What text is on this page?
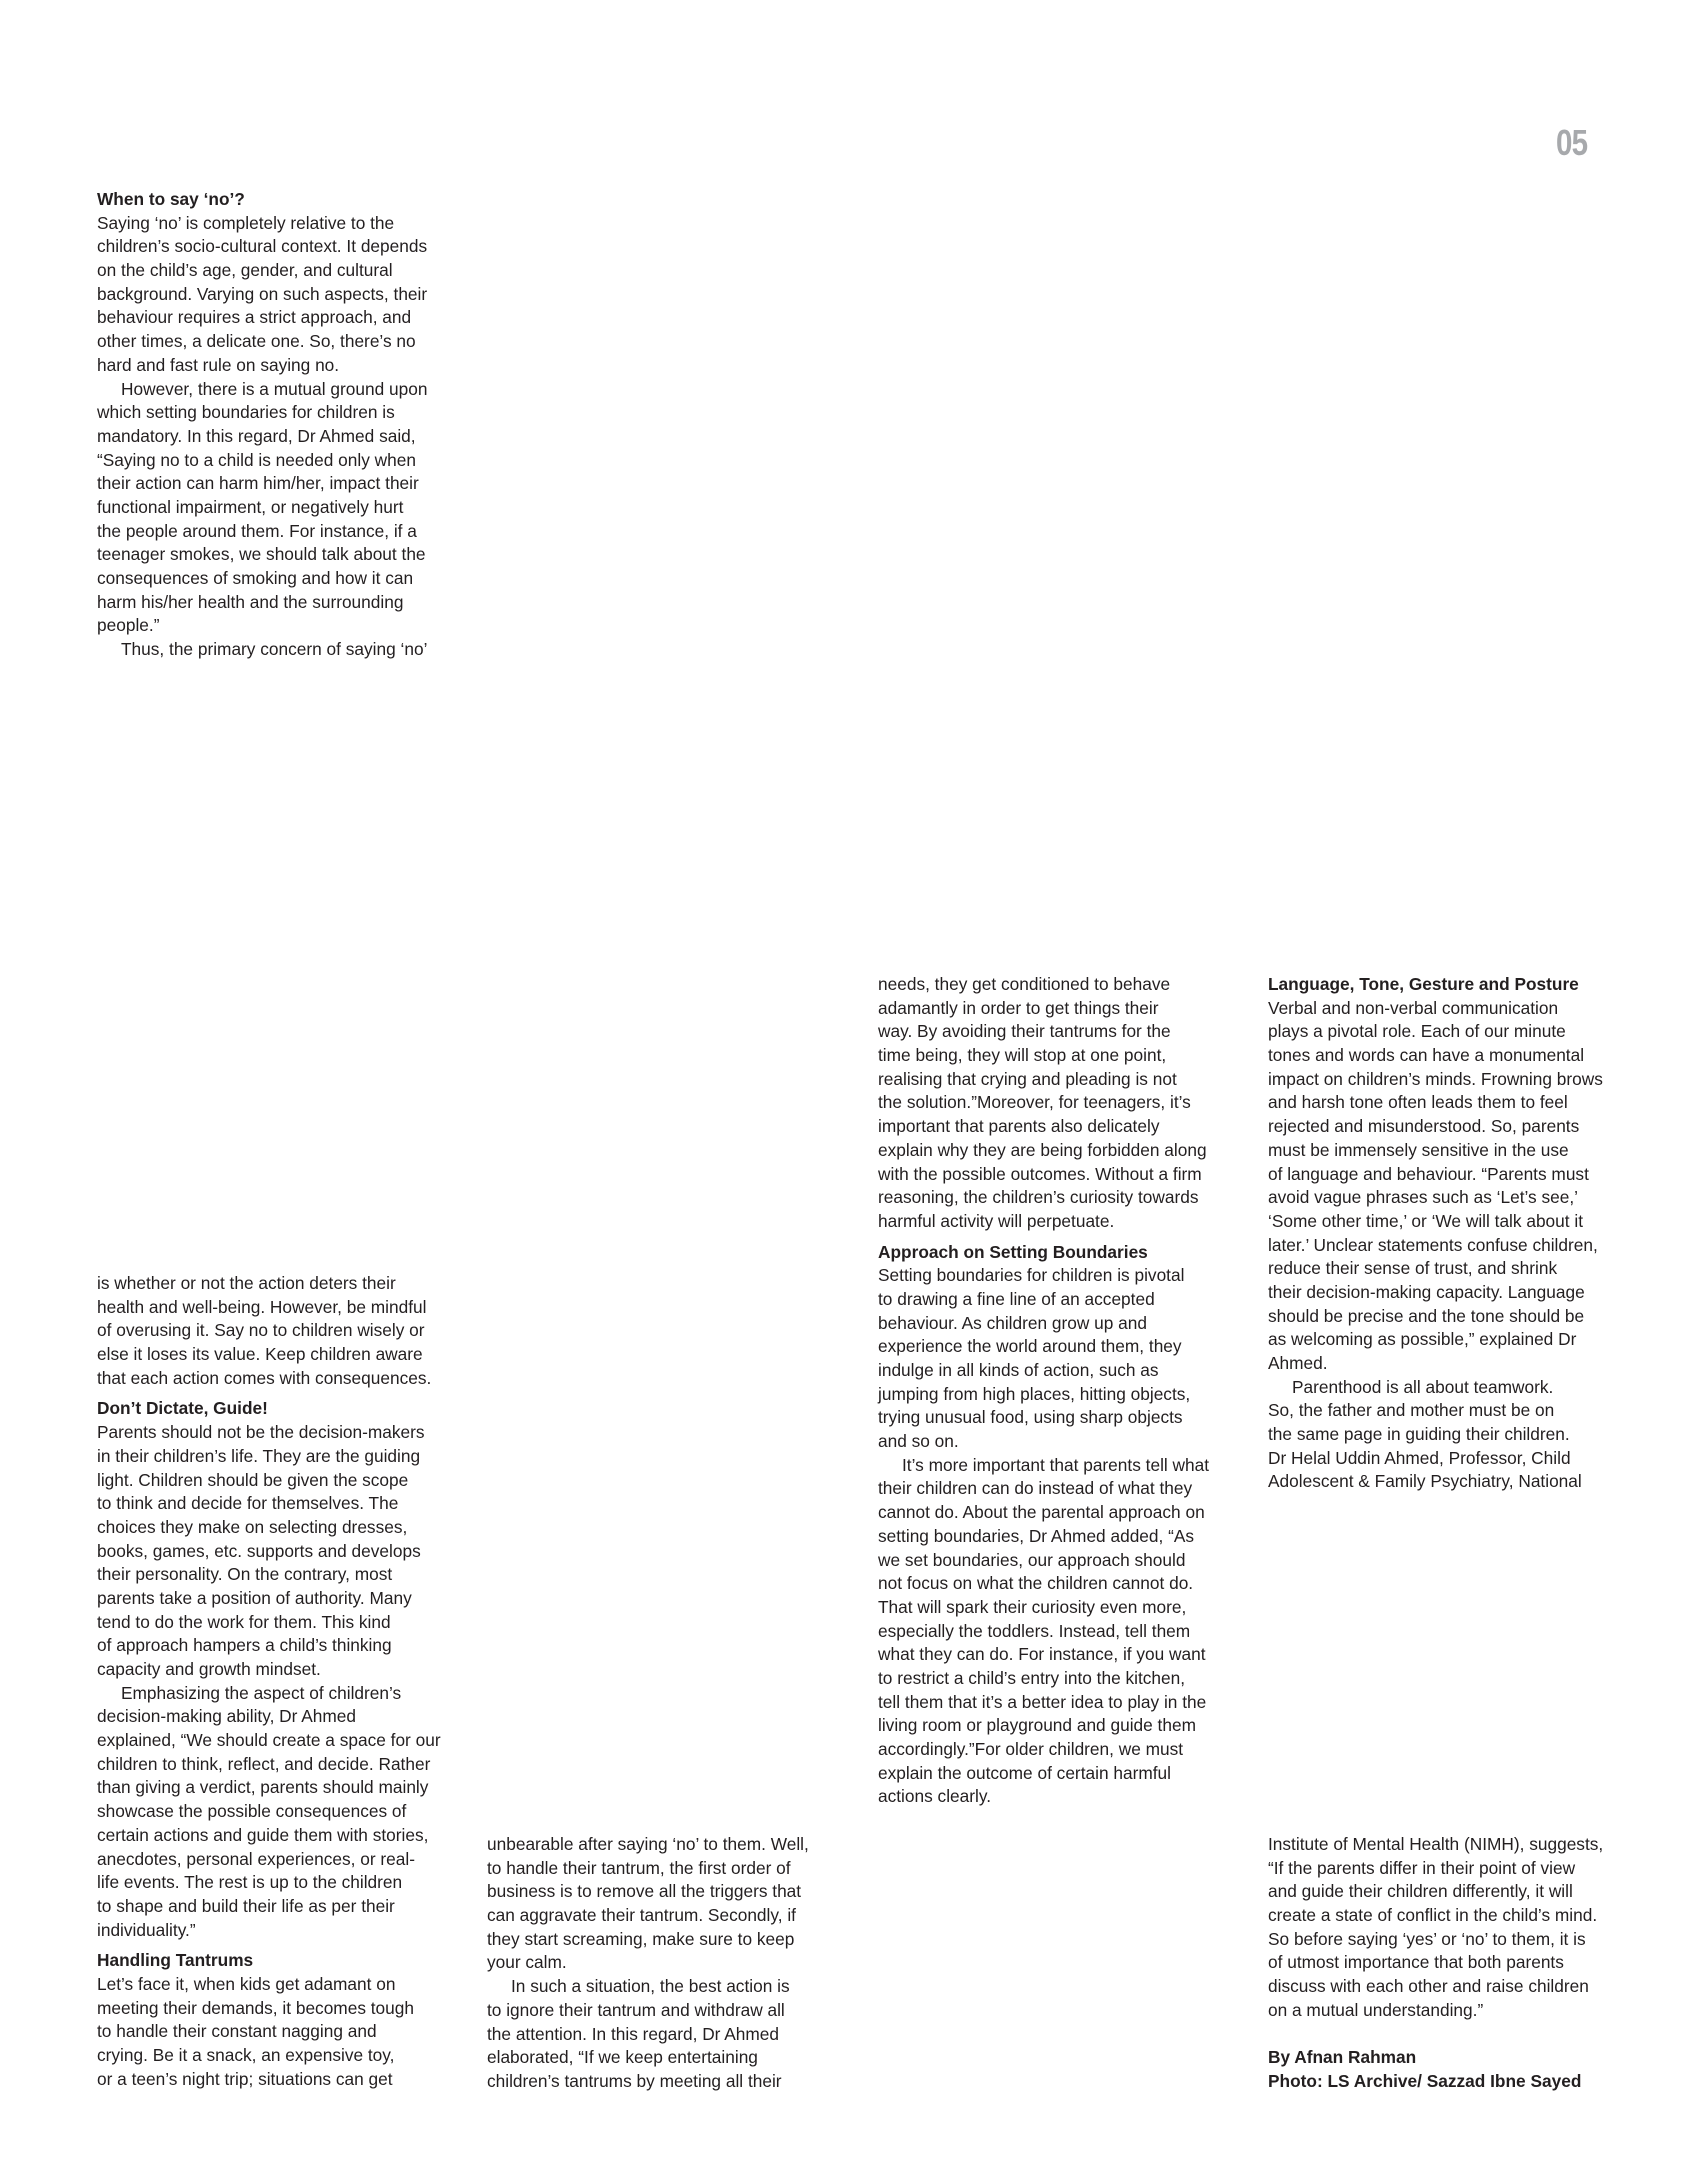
05
When to say ‘no’?
Saying ‘no’ is completely relative to the
children’s socio-cultural context. It depends
on the child’s age, gender, and cultural
background. Varying on such aspects, their
behaviour requires a strict approach, and
other times, a delicate one. So, there’s no
hard and fast rule on saying no.
However, there is a mutual ground upon
which setting boundaries for children is
mandatory. In this regard, Dr Ahmed said,
“Saying no to a child is needed only when
their action can harm him/her, impact their
functional impairment, or negatively hurt
the people around them. For instance, if a
teenager smokes, we should talk about the
consequences of smoking and how it can
harm his/her health and the surrounding
people.”
Thus, the primary concern of saying ‘no’
is whether or not the action deters their
health and well-being. However, be mindful
of overusing it. Say no to children wisely or
else it loses its value. Keep children aware
that each action comes with consequences.
Don’t Dictate, Guide!
Parents should not be the decision-makers
in their children’s life. They are the guiding
light. Children should be given the scope
to think and decide for themselves. The
choices they make on selecting dresses,
books, games, etc. supports and develops
their personality. On the contrary, most
parents take a position of authority. Many
tend to do the work for them. This kind
of approach hampers a child’s thinking
capacity and growth mindset.
Emphasizing the aspect of children’s
decision-making ability, Dr Ahmed
explained, “We should create a space for our
children to think, reflect, and decide. Rather
than giving a verdict, parents should mainly
showcase the possible consequences of
certain actions and guide them with stories,
anecdotes, personal experiences, or real-
life events. The rest is up to the children
to shape and build their life as per their
individuality.”
Handling Tantrums
Let’s face it, when kids get adamant on
meeting their demands, it becomes tough
to handle their constant nagging and
crying. Be it a snack, an expensive toy,
or a teen’s night trip; situations can get
unbearable after saying ‘no’ to them. Well,
to handle their tantrum, the first order of
business is to remove all the triggers that
can aggravate their tantrum. Secondly, if
they start screaming, make sure to keep
your calm.
In such a situation, the best action is
to ignore their tantrum and withdraw all
the attention. In this regard, Dr Ahmed
elaborated, “If we keep entertaining
children’s tantrums by meeting all their
needs, they get conditioned to behave
adamantly in order to get things their
way. By avoiding their tantrums for the
time being, they will stop at one point,
realising that crying and pleading is not
the solution.”Moreover, for teenagers, it’s
important that parents also delicately
explain why they are being forbidden along
with the possible outcomes. Without a firm
reasoning, the children’s curiosity towards
harmful activity will perpetuate.
Approach on Setting Boundaries
Setting boundaries for children is pivotal
to drawing a fine line of an accepted
behaviour. As children grow up and
experience the world around them, they
indulge in all kinds of action, such as
jumping from high places, hitting objects,
trying unusual food, using sharp objects
and so on.
It’s more important that parents tell what
their children can do instead of what they
cannot do. About the parental approach on
setting boundaries, Dr Ahmed added, “As
we set boundaries, our approach should
not focus on what the children cannot do.
That will spark their curiosity even more,
especially the toddlers. Instead, tell them
what they can do. For instance, if you want
to restrict a child’s entry into the kitchen,
tell them that it’s a better idea to play in the
living room or playground and guide them
accordingly.”For older children, we must
explain the outcome of certain harmful
actions clearly.
Language, Tone, Gesture and Posture
Verbal and non-verbal communication
plays a pivotal role. Each of our minute
tones and words can have a monumental
impact on children’s minds. Frowning brows
and harsh tone often leads them to feel
rejected and misunderstood. So, parents
must be immensely sensitive in the use
of language and behaviour. “Parents must
avoid vague phrases such as ‘Let’s see,’
‘Some other time,’ or ‘We will talk about it
later.’ Unclear statements confuse children,
reduce their sense of trust, and shrink
their decision-making capacity. Language
should be precise and the tone should be
as welcoming as possible,” explained Dr
Ahmed.
Parenthood is all about teamwork.
So, the father and mother must be on
the same page in guiding their children.
Dr Helal Uddin Ahmed, Professor, Child
Adolescent & Family Psychiatry, National
Institute of Mental Health (NIMH), suggests,
“If the parents differ in their point of view
and guide their children differently, it will
create a state of conflict in the child’s mind.
So before saying ‘yes’ or ‘no’ to them, it is
of utmost importance that both parents
discuss with each other and raise children
on a mutual understanding.”
By Afnan Rahman
Photo: LS Archive/ Sazzad Ibne Sayed
